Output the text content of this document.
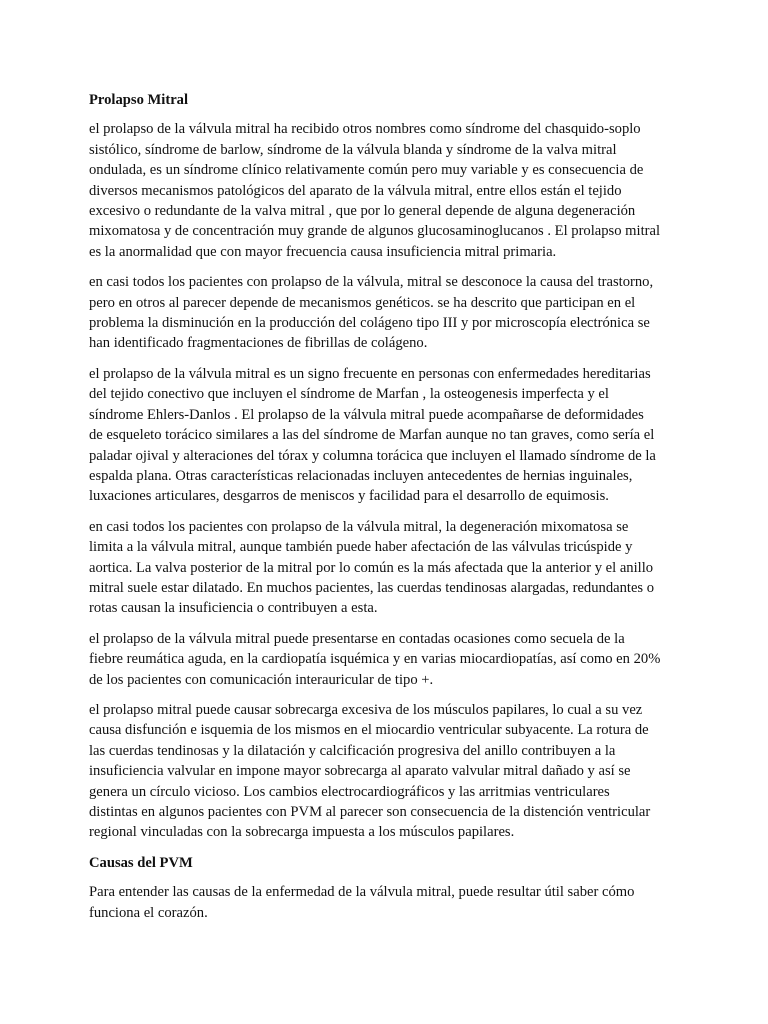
Prolapso Mitral

el prolapso de la válvula mitral ha recibido otros nombres como síndrome del chasquido-soplo
sistólico, síndrome de barlow, síndrome de la válvula blanda y síndrome de la valva mitral
ondulada, es un síndrome clínico relativamente común pero muy variable y es consecuencia de
diversos mecanismos patológicos del aparato de la válvula mitral, entre ellos están el tejido
excesivo o redundante de la valva mitral , que por lo general depende de alguna degeneración
mixomatosa y de concentración muy grande de algunos glucosaminoglucanos . El prolapso mitral
es la anormalidad que con mayor frecuencia causa insuficiencia mitral primaria.

en casi todos los pacientes con prolapso de la válvula, mitral se desconoce la causa del trastorno,
pero en otros al parecer depende de mecanismos genéticos. se ha descrito que participan en el
problema la disminución en la producción del colágeno tipo III y por microscopía electrónica se
han identificado fragmentaciones de fibrillas de colágeno.

el prolapso de la válvula mitral es un signo frecuente en personas con enfermedades hereditarias
del tejido conectivo que incluyen el síndrome de Marfan , la osteogenesis imperfecta y el
síndrome Ehlers-Danlos . El prolapso de la válvula mitral puede acompañarse de deformidades
de esqueleto torácico similares a las del síndrome de Marfan aunque no tan graves, como sería el
paladar ojival y alteraciones del tórax y columna torácica que incluyen el llamado síndrome de la
espalda plana. Otras características relacionadas incluyen antecedentes de hernias inguinales,
luxaciones articulares, desgarros de meniscos y facilidad para el desarrollo de equimosis.

en casi todos los pacientes con prolapso de la válvula mitral, la degeneración mixomatosa se
limita a la válvula mitral, aunque también puede haber afectación de las válvulas tricúspide y
aortica. La valva posterior de la mitral por lo común es la más afectada que la anterior y el anillo
mitral suele estar dilatado. En muchos pacientes, las cuerdas tendinosas alargadas, redundantes o
rotas causan la insuficiencia o contribuyen a esta.

el prolapso de la válvula mitral puede presentarse en contadas ocasiones como secuela de la
fiebre reumática aguda, en la cardiopatía isquémica y en varias miocardiopatías, así como en 20%
de los pacientes con comunicación interauricular de tipo +.

el prolapso mitral puede causar sobrecarga excesiva de los músculos papilares, lo cual a su vez
causa disfunción e isquemia de los mismos en el miocardio ventricular subyacente. La rotura de
las cuerdas tendinosas y la dilatación y calcificación progresiva del anillo contribuyen a la
insuficiencia valvular en impone mayor sobrecarga al aparato valvular mitral dañado y así se
genera un círculo vicioso. Los cambios electrocardiográficos y las arritmias ventriculares
distintas en algunos pacientes con PVM al parecer son consecuencia de la distención ventricular
regional vinculadas con la sobrecarga impuesta a los músculos papilares.

Causas del PVM

Para entender las causas de la enfermedad de la válvula mitral, puede resultar útil saber cómo
funciona el corazón.
